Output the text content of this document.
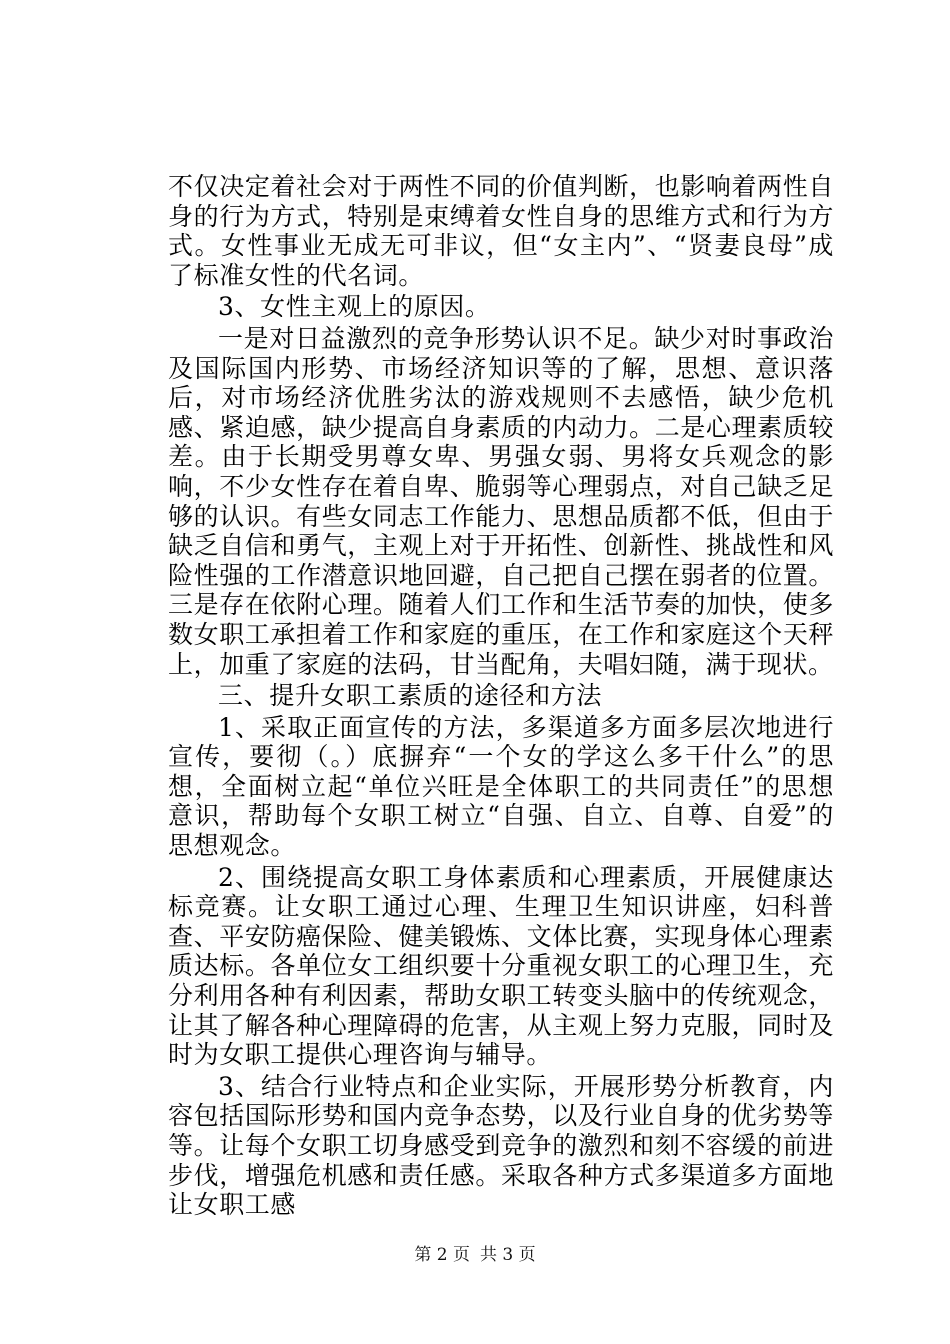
不仅决定着社会对于两性不同的价值判断，也影响着两性自身的行为方式，特别是束缚着女性自身的思维方式和行为方式。女性事业无成无可非议，但“女主内”、“贤妻良母”成了标准女性的代名词。

3、女性主观上的原因。

一是对日益激烈的竞争形势认识不足。缺少对时事政治及国际国内形势、市场经济知识等的了解，思想、意识落后，对市场经济优胜劣汰的游戏规则不去感悟，缺少危机感、紧迫感，缺少提高自身素质的内动力。二是心理素质较差。由于长期受男尊女卑、男强女弱、男将女兵观念的影响，不少女性存在着自卑、脆弱等心理弱点，对自己缺乏足够的认识。有些女同志工作能力、思想品质都不低，但由于缺乏自信和勇气，主观上对于开拓性、创新性、挑战性和风险性强的工作潜意识地回避，自己把自己摆在弱者的位置。三是存在依附心理。随着人们工作和生活节奏的加快，使多数女职工承担着工作和家庭的重压，在工作和家庭这个天秤上，加重了家庭的法码，甘当配角，夫唱妇随，满于现状。

三、提升女职工素质的途径和方法

1、采取正面宣传的方法，多渠道多方面多层次地进行宣传，要彻（。）底摒弃“一个女的学这么多干什么”的思想，全面树立起“单位兴旺是全体职工的共同责任”的思想意识，帮助每个女职工树立“自强、自立、自尊、自爱”的思想观念。

2、围绕提高女职工身体素质和心理素质，开展健康达标竞赛。让女职工通过心理、生理卫生知识讲座，妇科普查、平安防癌保险、健美锻炼、文体比赛，实现身体心理素质达标。各单位女工组织要十分重视女职工的心理卫生，充分利用各种有利因素，帮助女职工转变头脑中的传统观念，让其了解各种心理障碍的危害，从主观上努力克服，同时及时为女职工提供心理咨询与辅导。

3、结合行业特点和企业实际，开展形势分析教育，内容包括国际形势和国内竞争态势，以及行业自身的优劣势等等。让每个女职工切身感受到竞争的激烈和刻不容缓的前进步伐，增强危机感和责任感。采取各种方式多渠道多方面地让女职工感

第 2 页 共 3 页
